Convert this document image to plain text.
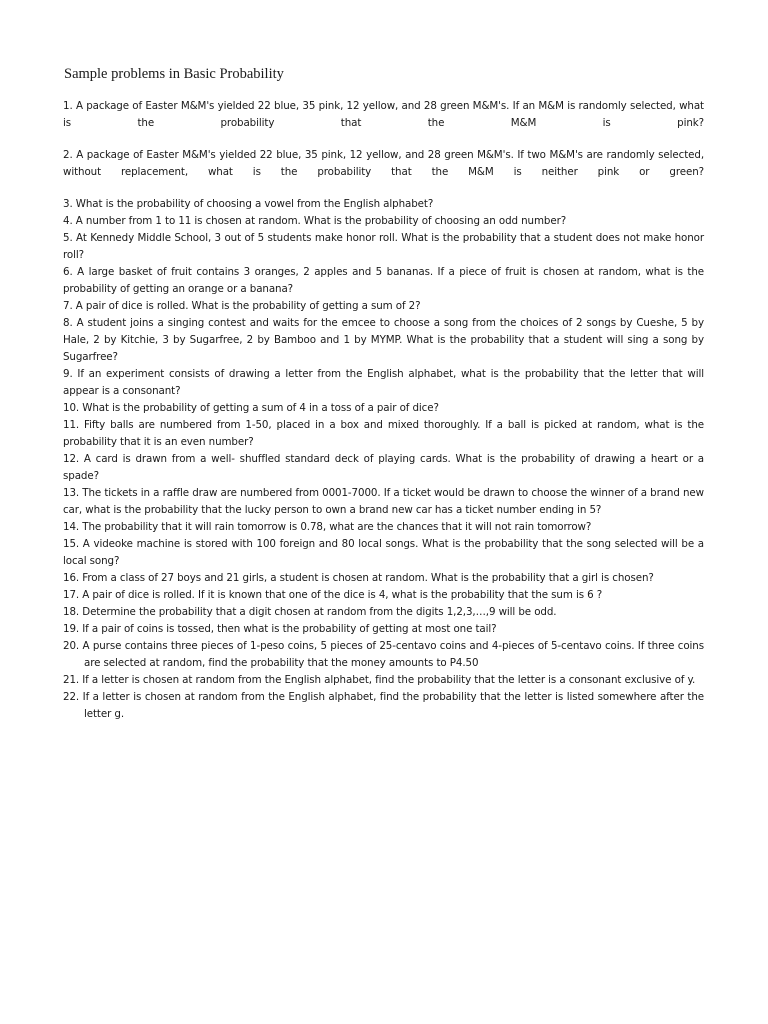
Sample problems in Basic Probability

1. A package of Easter M&M's yielded 22 blue, 35 pink, 12 yellow, and 28 green M&M's. If an M&M is randomly selected, what is the probability that the M&M is pink?

2. A package of Easter M&M's yielded 22 blue, 35 pink, 12 yellow, and 28 green M&M's. If two M&M's are randomly selected, without replacement, what is the probability that the M&M is neither pink or green?

3. What is the probability of choosing a vowel from the English alphabet?

4. A number from 1 to 11 is chosen at random. What is the probability of choosing an odd number?

5. At Kennedy Middle School, 3 out of 5 students make honor roll. What is the probability that a student does not make honor roll?

6. A large basket of fruit contains 3 oranges, 2 apples and 5 bananas. If a piece of fruit is chosen at random, what is the probability of getting an orange or a banana?

7. A pair of dice is rolled. What is the probability of getting a sum of 2?

8. A student joins a singing contest and waits for the emcee to choose a song from the choices of 2 songs by Cueshe, 5 by Hale, 2 by Kitchie, 3 by Sugarfree, 2 by Bamboo and 1 by MYMP. What is the probability that a student will sing a song by Sugarfree?

9. If an experiment consists of drawing a letter from the English alphabet, what is the probability that the letter that will appear is a consonant?

10. What is the probability of getting a sum of 4 in a toss of a pair of dice?

11. Fifty balls are numbered from 1-50, placed in a box and mixed thoroughly. If a ball is picked at random, what is the probability that it is an even number?

12. A card is drawn from a well- shuffled standard deck of playing cards. What is the probability of drawing a heart or a spade?

13. The tickets in a raffle draw are numbered from 0001-7000. If a ticket would be drawn to choose the winner of a brand new car, what is the probability that the lucky person to own a brand new car has a ticket number ending in 5?

14. The probability that it will rain tomorrow is 0.78, what are the chances that it will not rain tomorrow?

15. A videoke machine is stored with 100 foreign and 80 local songs. What is the probability that the song selected will be a local song?

16. From a class of 27 boys and 21 girls, a student is chosen at random. What is the probability that a girl is chosen?

17. A pair of dice is rolled. If it is known that one of the dice is 4, what is the probability that the sum is 6 ?

18. Determine the probability that a digit chosen at random from the digits 1,2,3,…,9 will be odd.

19. If a pair of coins is tossed, then what is the probability of getting at most one tail?

20. A purse contains three pieces of 1-peso coins, 5 pieces of 25-centavo coins and 4-pieces of 5-centavo coins. If three coins are selected at random, find the probability that the money amounts to P4.50

21. If a letter is chosen at random from the English alphabet, find the probability that the letter is a consonant exclusive of y.

22. If a letter is chosen at random from the English alphabet, find the probability that the letter is listed somewhere after the letter g.
